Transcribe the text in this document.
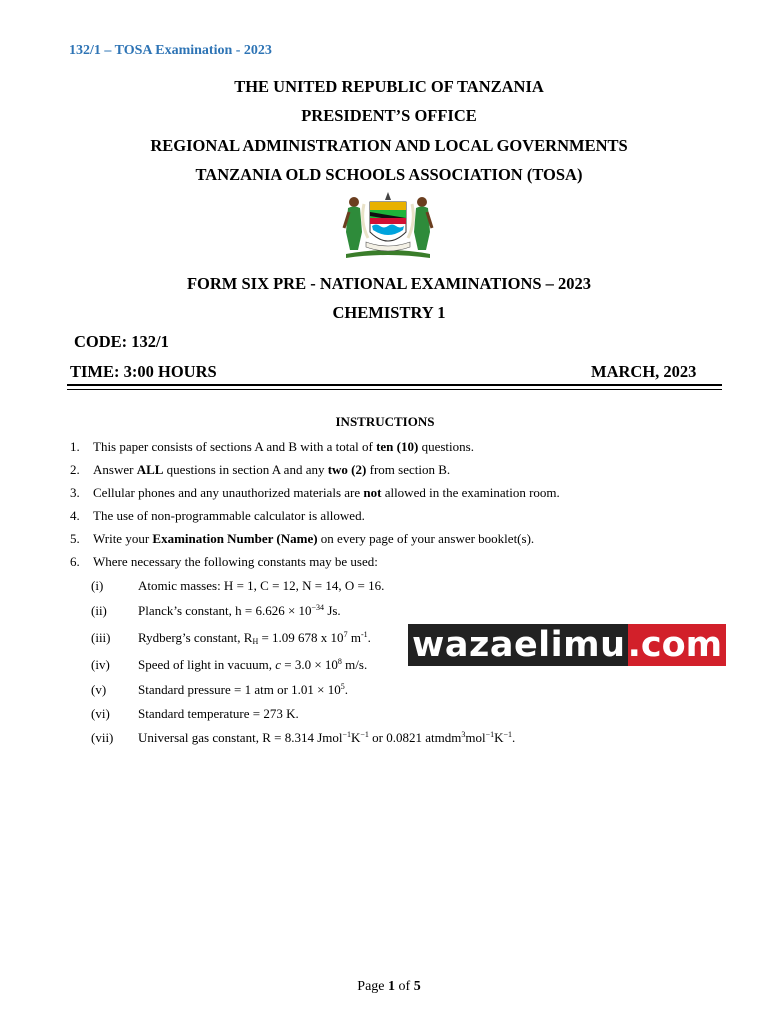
132/1 – TOSA Examination - 2023
THE UNITED REPUBLIC OF TANZANIA
PRESIDENT’S OFFICE
REGIONAL ADMINISTRATION AND LOCAL GOVERNMENTS
TANZANIA OLD SCHOOLS ASSOCIATION (TOSA)
FORM SIX PRE - NATIONAL EXAMINATIONS – 2023
CHEMISTRY 1
CODE: 132/1
TIME: 3:00 HOURS	MARCH, 2023
INSTRUCTIONS
1. This paper consists of sections A and B with a total of ten (10) questions.
2. Answer ALL questions in section A and any two (2) from section B.
3. Cellular phones and any unauthorized materials are not allowed in the examination room.
4. The use of non-programmable calculator is allowed.
5. Write your Examination Number (Name) on every page of your answer booklet(s).
6. Where necessary the following constants may be used:
(i)	Atomic masses: H = 1, C = 12, N = 14, O = 16.
(ii) Planck’s constant, $h = 6.626 \times 10^{-34}$ Js.
(iii) Rydberg’s constant, $R_H = 1.09$ 678 x $10^7$ $m^{-1}$.
(iv) Speed of light in vacuum, $c = 3.0 \times 10^8$ m/s.
(v) Standard pressure = 1 atm or $1.01 \times 10^5$.
(vi) Standard temperature = 273 K.
(vii) Universal gas constant, R = 8.314 $Jmol^{-1}K^{-1}$ or 0.0821 $atmdm^3mol^{-1}K^{-1}$.
wazaelimu .com
Page 1 of 5
